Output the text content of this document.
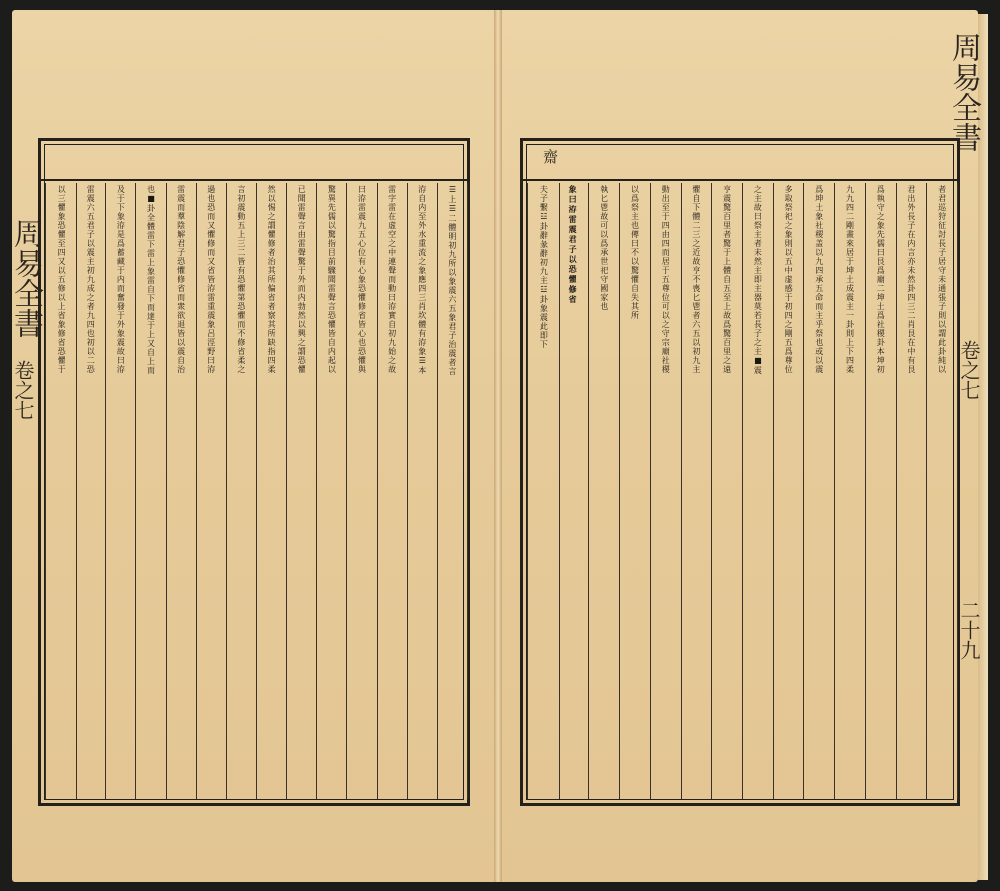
周易全書
卷之七
二十九
周易全書
卷之七
齋
者君巡狩征討長子居守未通張子則以謂此卦純以
君出外長子在内言亦未然卦四三二肖艮在中有艮
爲執守之象先儒曰艮爲廟二坤土爲社稷卦本坤初
九九四二剛畫來居于坤土成震主一卦則上下四柔
爲坤土象社稷盖以九四承五命而主乎祭也或以震
多取祭祀之象則以五中虚感于初四之剛五爲尊位
之主故曰祭主者未然主即主器莫若長子之主■震
亨震驚百里者驚于上體自五至上故爲驚百里之遠
懼自下體二三之近故亨不喪匕鬯者六五以初九主
動出至于四由四而居于五尊位可以之守宗廟社稷
以爲祭主也傳曰不以驚懼自失其所
執匕鬯故可以爲承世祀守國家也
象曰洊雷震君子以恐懼修省
夫子繫☳卦辭彖辭初九主☳卦象震此即下
☰上☰二體明初九所以象震六五象君子治震者言
洊自内至外水重流之象應四三肖坎體有洊象☰本
雷字雷在虚空之中連聲而動曰洊實自初九始之故
曰洊雷震九五心位有心象恐懼修省皆心也恐懼與
驚異先儒以驚指目前驟聞雷聲言恐懼皆自内起以
已聞雷聲言由雷聲驚于外而内勃然以興之謂恐懼
然以惕之謂懼修者治其所偏省者察其所缺指四柔
言初震動五上三二皆有恐懼第恐懼而不修省柔之
過也恐而又懼修而又省皆洊雷重震象呂涇野曰洊
雷震而羣陰解君子恐懼修省而衆欲退皆以震自治
也■卦全體雷下雷上象雷自下而達于上又自上而
及于下象洊是爲蓄藏于内而奮發于外象震故曰洊
雷震六五君子以震主初九成之者九四也初以二恐
以三懼象恐懼至四又以五修以上省象修省恐懼于
